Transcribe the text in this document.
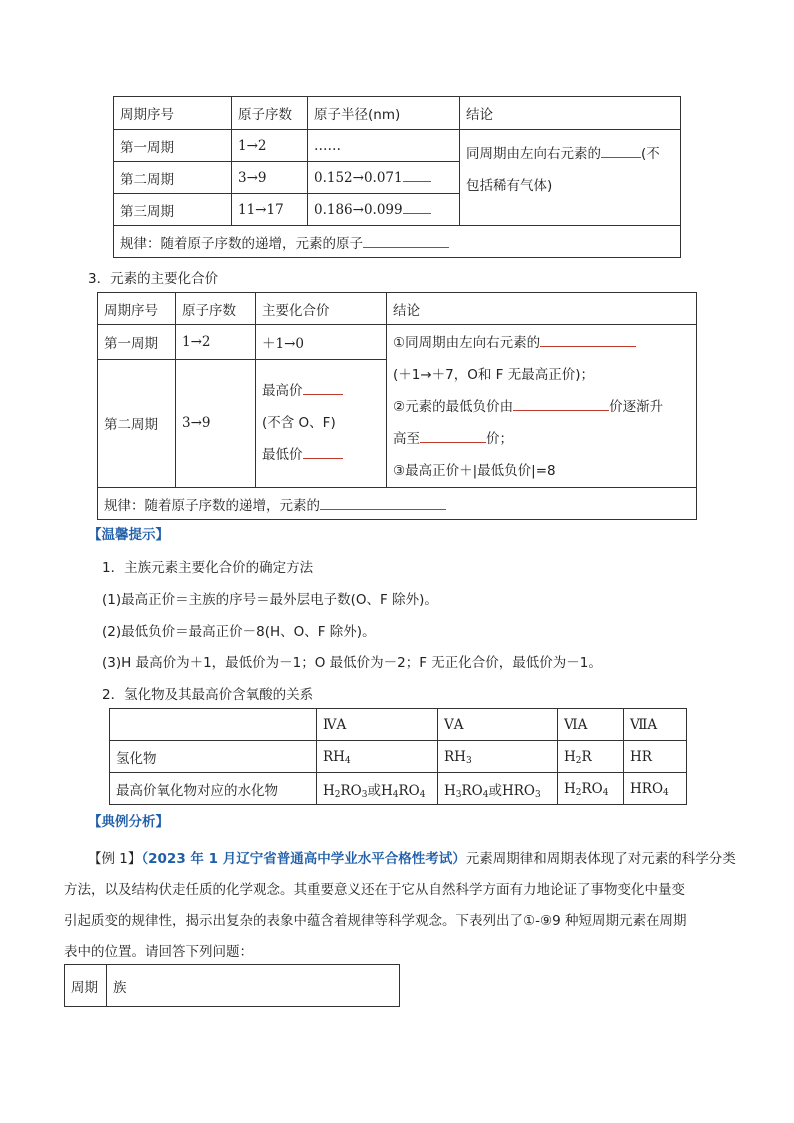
周期序号	原子序数	原子半径(nm)	结论
第一周期	1→2	……	同周期由左向右元素的 (不
包括稀有气体)

第二周期	3→9	0.152→0.071	
第三周期	11→17	0.186→0.099	
规律：随着原子序数的递增，元素的原子			
3．元素的主要化合价
周期序号	原子序数	主要化合价	结论
第一周期	1→2	＋1→0	①同周期由左向右元素的
(＋1→＋7，O和 F 无最高正价)；
②元素的最低负价由 价逐渐升
高至 价；
③最高正价＋|最低负价|=8

第二周期	3→9	最高价
(不含 O、F)
最低价	

规律：随着原子序数的递增，元素的			
【温馨提示】
1．主族元素主要化合价的确定方法
(1)最高正价＝主族的序号＝最外层电子数(O、F 除外)。
(2)最低负价＝最高正价－8(H、O、F 除外)。
(3)H 最高价为＋1，最低价为－1；O 最低价为－2；F 无正化合价，最低价为－1。
2．氢化物及其最高价含氧酸的关系
	ⅣA	ⅤA	ⅥA	ⅦA
氢化物	$RH_4$	$RH_3$	$H_2R$	HR
最高价氧化物对应的水化物	$H_2RO_3$或$H_4RO_4$	$H_3RO_4$或$HRO_3$	$H_2RO_4$	$HRO_4$
【典例分析】
【例 1】（2023 年 1 月辽宁省普通高中学业水平合格性考试）元素周期律和周期表体现了对元素的科学分类
方法，以及结构伏走任质的化学观念。其重要意义还在于它从自然科学方面有力地论证了事物变化中量变
引起质变的规律性，揭示出复杂的表象中蕴含着规律等科学观念。下表列出了①-⑨9 种短周期元素在周期
表中的位置。请回答下列问题：
周期	族
